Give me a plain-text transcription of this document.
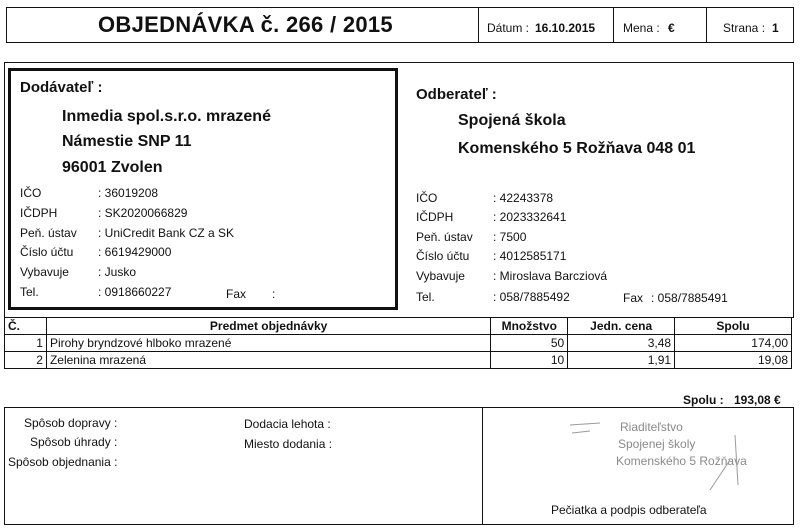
OBJEDNÁVKA č. 266 / 2015	Dátum : 16.10.2015 Mena : €	Strana : 1
Dodávateľ :
Inmedia spol.s.r.o. mrazené
Námestie SNP 11
96001 Zvolen
IČO	: 36019208
IČDPH	: SK2020066829
Peň. ústav : UniCredit Bank CZ a SK
Číslo účtu : 6619429000
Vybavuje : Jusko
Tel.	: 0918660227	Fax :
Odberateľ :
Spojená škola
Komenského 5 Rožňava 048 01
IČO	: 42243378
IČDPH	: 2023332641
Peň. ústav : 7500
Číslo účtu : 4012585171
Vybavuje : Miroslava Barcziová
Tel.	: 058/7885492	Fax : 058/7885491
Č.	Predmet objednávky	Množstvo	Jedn. cena	Spolu
1	Pirohy bryndzové hlboko mrazené	50	3,48	174,00
2	Zelenina mrazená	10	1,91	19,08
Spolu : 193,08 €
Spôsob dopravy :
Spôsob úhrady :
Spôsob objednania :
Dodacia lehota :
Miesto dodania :
Riaditeľstvo
Spojenej školy
Komenského 5 Rožňava
Pečiatka a podpis odberateľa
